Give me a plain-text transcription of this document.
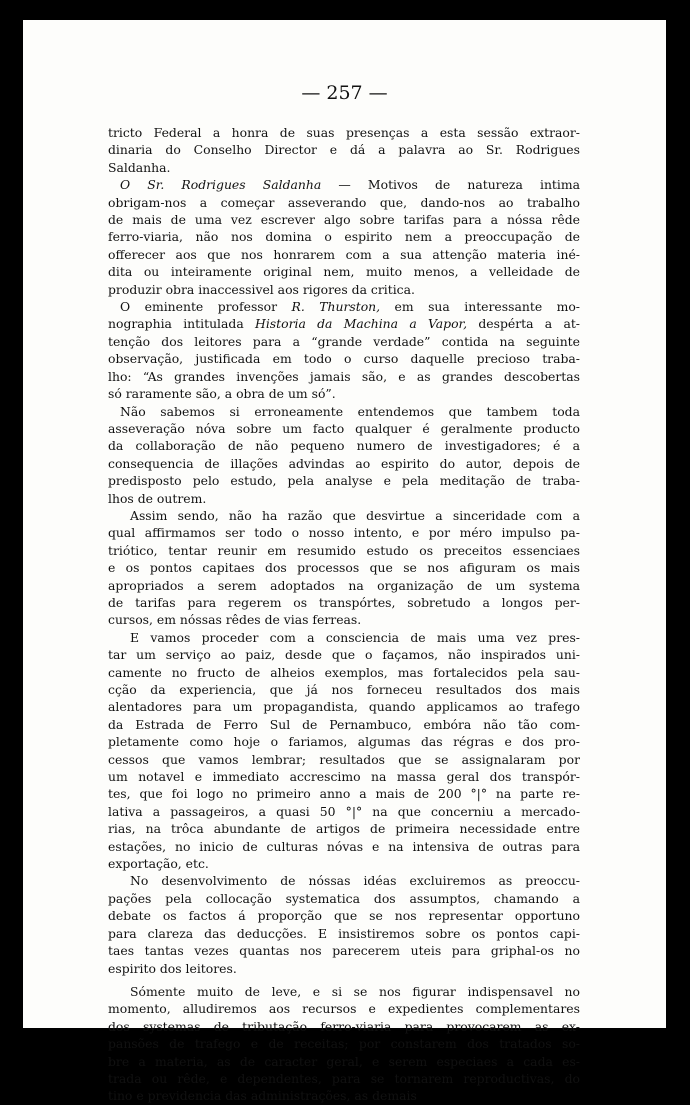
— 257 —
tricto Federal a honra de suas presenças a esta sessão extraor-
dinaria do Conselho Director e dá a palavra ao Sr. Rodrigues
Saldanha.
O Sr. Rodrigues Saldanha — Motivos de natureza intima
obrigam-nos a começar asseverando que, dando-nos ao trabalho
de mais de uma vez escrever algo sobre tarifas para a nóssa rêde
ferro-viaria, não nos domina o espirito nem a preoccupação de
offerecer aos que nos honrarem com a sua attenção materia iné-
dita ou inteiramente original nem, muito menos, a velleidade de
produzir obra inaccessivel aos rigores da critica.
O eminente professor R. Thurston, em sua interessante mo-
nographia intitulada Historia da Machina a Vapor, despérta a at-
tenção dos leitores para a “grande verdade” contida na seguinte
observação, justificada em todo o curso daquelle precioso traba-
lho: “As grandes invenções jamais são, e as grandes descobertas
só raramente são, a obra de um só”.
Não sabemos si erroneamente entendemos que tambem toda
asseveração nóva sobre um facto qualquer é geralmente producto
da collaboração de não pequeno numero de investigadores; é a
consequencia de illações advindas ao espirito do autor, depois de
predisposto pelo estudo, pela analyse e pela meditação de traba-
lhos de outrem.
Assim sendo, não ha razão que desvirtue a sinceridade com a
qual affirmamos ser todo o nosso intento, e por méro impulso pa-
triótico, tentar reunir em resumido estudo os preceitos essenciaes
e os pontos capitaes dos processos que se nos afiguram os mais
apropriados a serem adoptados na organização de um systema
de tarifas para regerem os transpórtes, sobretudo a longos per-
cursos, em nóssas rêdes de vias ferreas.
E vamos proceder com a consciencia de mais uma vez pres-
tar um serviço ao paiz, desde que o façamos, não inspirados uni-
camente no fructo de alheios exemplos, mas fortalecidos pela sau-
cção da experiencia, que já nos forneceu resultados dos mais
alentadores para um propagandista, quando applicamos ao trafego
da Estrada de Ferro Sul de Pernambuco, embóra não tão com-
pletamente como hoje o fariamos, algumas das régras e dos pro-
cessos que vamos lembrar; resultados que se assignalaram por
um notavel e immediato accrescimo na massa geral dos transpór-
tes, que foi logo no primeiro anno a mais de 200 °|° na parte re-
lativa a passageiros, a quasi 50 °|° na que concerniu a mercado-
rias, na trôca abundante de artigos de primeira necessidade entre
estações, no inicio de culturas nóvas e na intensiva de outras para
exportação, etc.
No desenvolvimento de nóssas idéas excluiremos as preoccu-
pações pela collocação systematica dos assumptos, chamando a
debate os factos á proporção que se nos representar opportuno
para clareza das deducções. E insistiremos sobre os pontos capi-
taes tantas vezes quantas nos parecerem uteis para griphal-os no
espirito dos leitores.
Sómente muito de leve, e si se nos figurar indispensavel no
momento, alludiremos aos recursos e expedientes complementares
dos systemas de tributação ferro-viaria para provocarem as ex-
pansões de trafego e de receitas; por constarem dos tratados so-
bre a materia, as de caracter geral, e serem especiaes a cada es-
trada ou rêde, e dependentes, para se tornarem reproductivas, do
tino e previdencia das administrações, as demais
